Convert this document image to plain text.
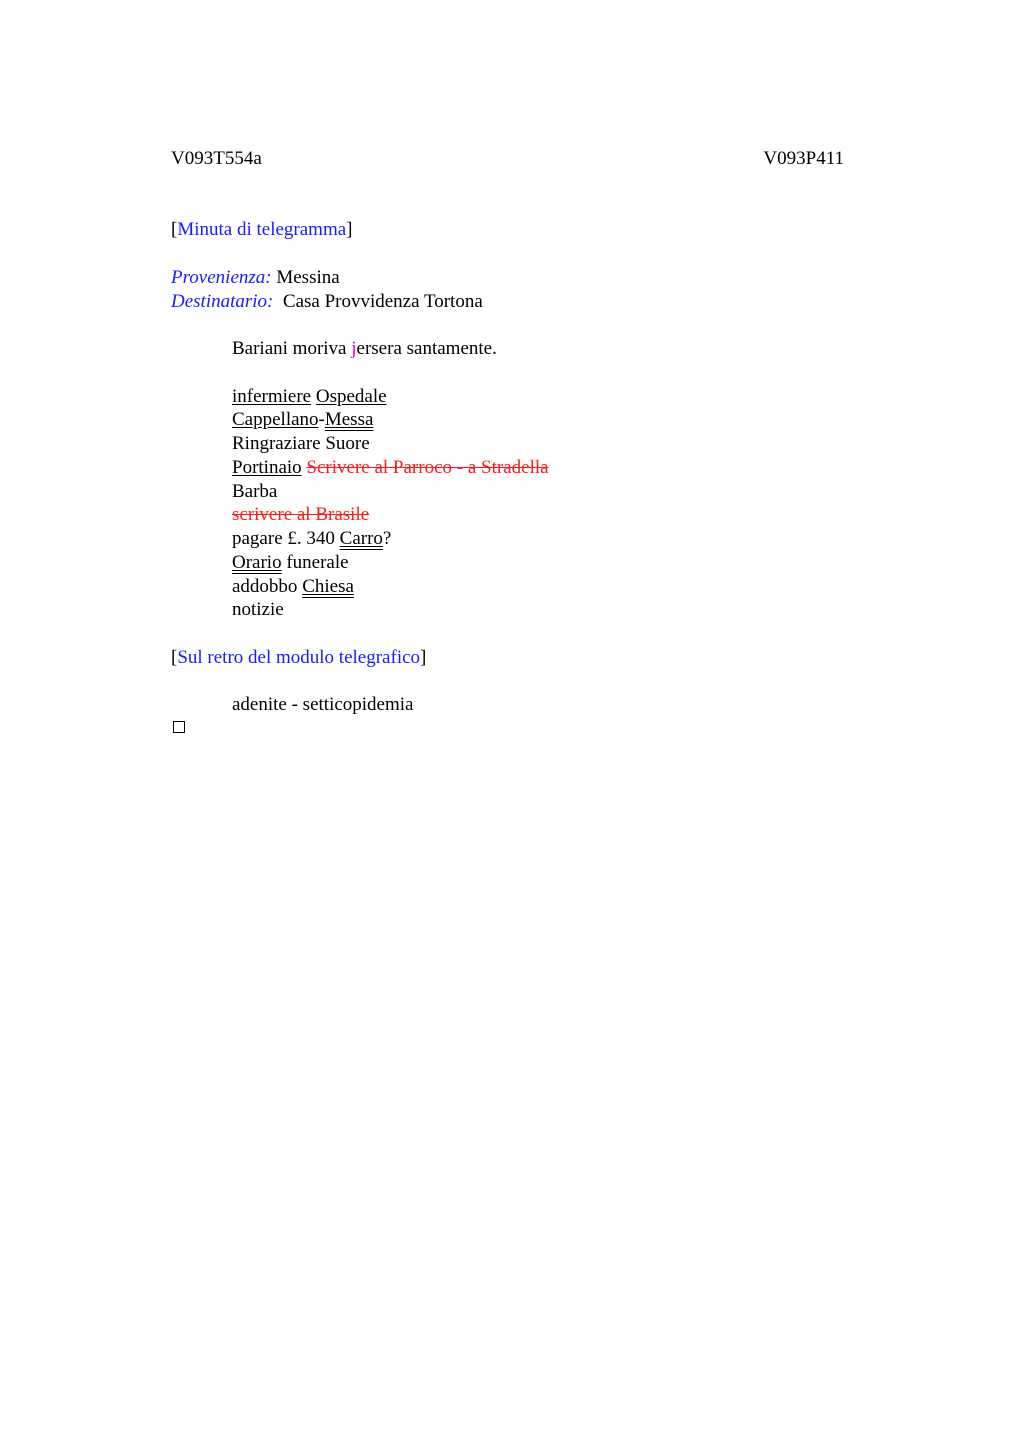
V093T554a	V093P411
[Minuta di telegramma]
Provenienza: Messina
Destinatario: Casa Provvidenza Tortona
Bariani moriva jersera santamente.
infermiere Ospedale
Cappellano-Messa
Ringraziare Suore
Portinaio Scrivere al Parroco - a Stradella
Barba
scrivere al Brasile
pagare £. 340 Carro?
Orario funerale
addobbo Chiesa
notizie
[Sul retro del modulo telegrafico]
adenite - setticopidemia
